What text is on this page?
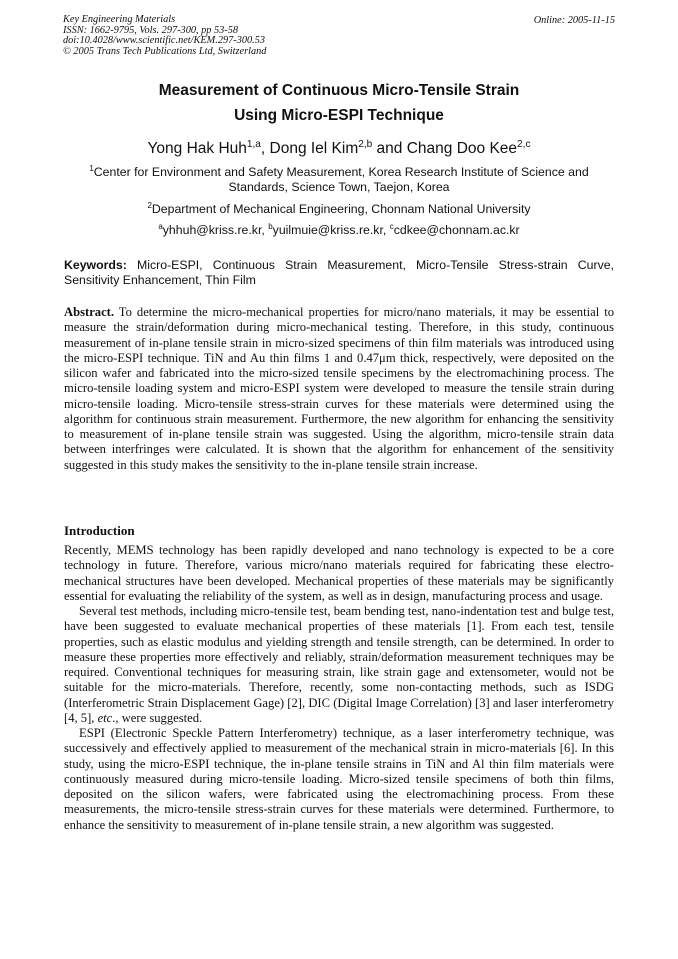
Key Engineering Materials
ISSN: 1662-9795, Vols. 297-300, pp 53-58
doi:10.4028/www.scientific.net/KEM.297-300.53
© 2005 Trans Tech Publications Ltd, Switzerland
Online: 2005-11-15
Measurement of Continuous Micro-Tensile Strain
Using Micro-ESPI Technique
Yong Hak Huh$^{1,a}$, Dong Iel Kim$^{2,b}$ and Chang Doo Kee$^{2,c}$
$^1$Center for Environment and Safety Measurement, Korea Research Institute of Science and Standards, Science Town, Taejon, Korea
$^2$Department of Mechanical Engineering, Chonnam National University
$^a$yhhuh@kriss.re.kr, $^b$yuilmuie@kriss.re.kr, $^c$cdkee@chonnam.ac.kr
Keywords: Micro-ESPI, Continuous Strain Measurement, Micro-Tensile Stress-strain Curve, Sensitivity Enhancement, Thin Film

Abstract. To determine the micro-mechanical properties for micro/nano materials, it may be essential to measure the strain/deformation during micro-mechanical testing. Therefore, in this study, continuous measurement of in-plane tensile strain in micro-sized specimens of thin film materials was introduced using the micro-ESPI technique. TiN and Au thin films 1 and 0.47μm thick, respectively, were deposited on the silicon wafer and fabricated into the micro-sized tensile specimens by the electromachining process. The micro-tensile loading system and micro-ESPI system were developed to measure the tensile strain during micro-tensile loading. Micro-tensile stress-strain curves for these materials were determined using the algorithm for continuous strain measurement. Furthermore, the new algorithm for enhancing the sensitivity to measurement of in-plane tensile strain was suggested. Using the algorithm, micro-tensile strain data between interfringes were calculated. It is shown that the algorithm for enhancement of the sensitivity suggested in this study makes the sensitivity to the in-plane tensile strain increase.

Introduction

Recently, MEMS technology has been rapidly developed and nano technology is expected to be a core technology in future. Therefore, various micro/nano materials required for fabricating these electro-mechanical structures have been developed. Mechanical properties of these materials may be significantly essential for evaluating the reliability of the system, as well as in design, manufacturing process and usage.

Several test methods, including micro-tensile test, beam bending test, nano-indentation test and bulge test, have been suggested to evaluate mechanical properties of these materials [1]. From each test, tensile properties, such as elastic modulus and yielding strength and tensile strength, can be determined. In order to measure these properties more effectively and reliably, strain/deformation measurement techniques may be required. Conventional techniques for measuring strain, like strain gage and extensometer, would not be suitable for the micro-materials. Therefore, recently, some non-contacting methods, such as ISDG (Interferometric Strain Displacement Gage) [2], DIC (Digital Image Correlation) [3] and laser interferometry [4, 5], etc., were suggested.

ESPI (Electronic Speckle Pattern Interferometry) technique, as a laser interferometry technique, was successively and effectively applied to measurement of the mechanical strain in micro-materials [6]. In this study, using the micro-ESPI technique, the in-plane tensile strains in TiN and Al thin film materials were continuously measured during micro-tensile loading. Micro-sized tensile specimens of both thin films, deposited on the silicon wafers, were fabricated using the electromachining process. From these measurements, the micro-tensile stress-strain curves for these materials were determined. Furthermore, to enhance the sensitivity to measurement of in-plane tensile strain, a new algorithm was suggested.
